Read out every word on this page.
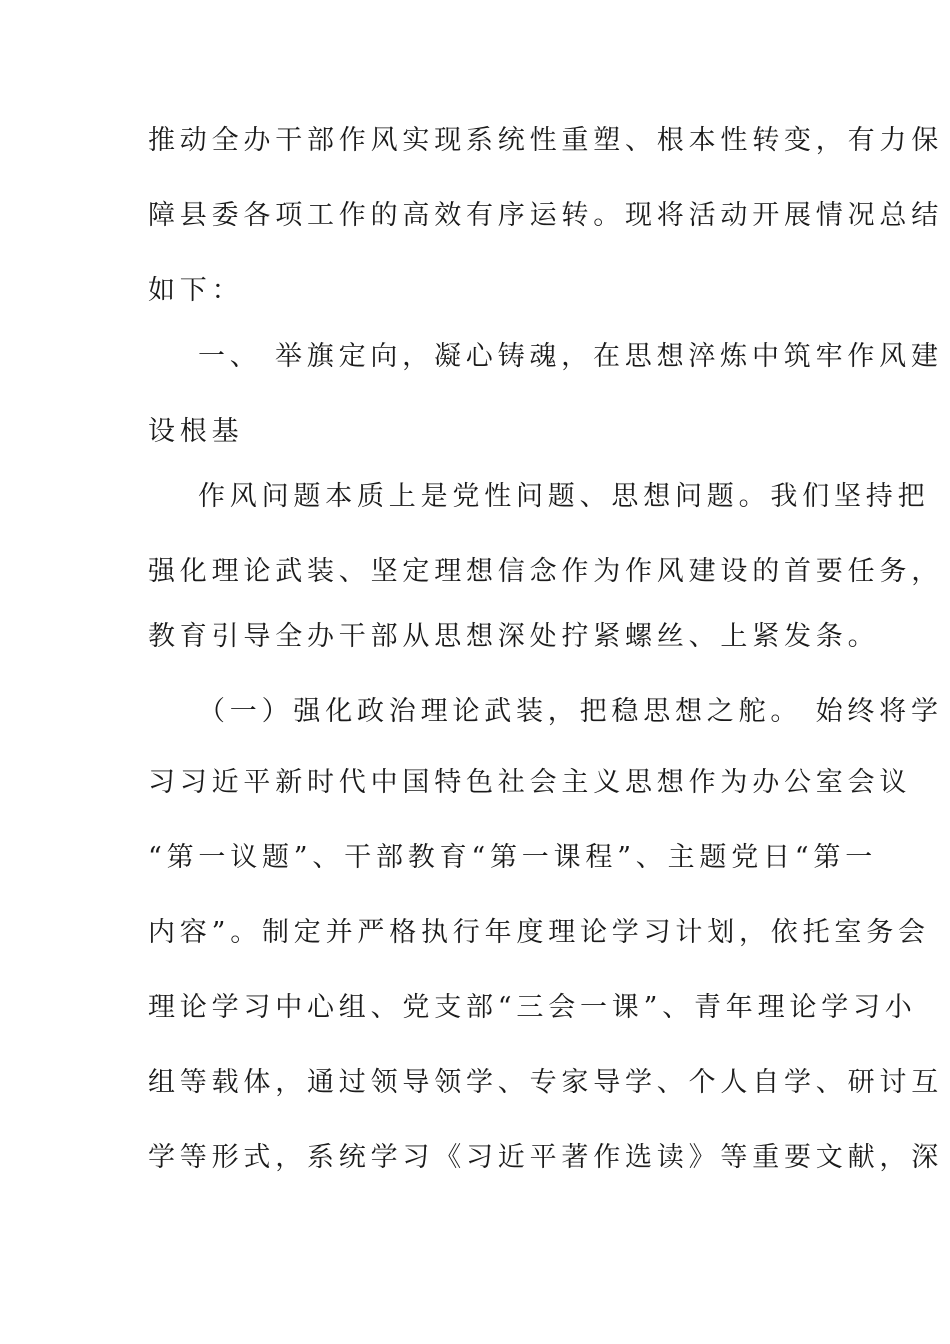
推动全办干部作风实现系统性重塑、根本性转变，有力保
障县委各项工作的高效有序运转。现将活动开展情况总结
如下：
一、 举旗定向，凝心铸魂，在思想淬炼中筑牢作风建
设根基
作风问题本质上是党性问题、思想问题。我们坚持把
强化理论武装、坚定理想信念作为作风建设的首要任务，
教育引导全办干部从思想深处拧紧螺丝、上紧发条。
（一）强化政治理论武装，把稳思想之舵。 始终将学
习习近平新时代中国特色社会主义思想作为办公室会议
“第一议题”、干部教育“第一课程”、主题党日“第一
内容”。制定并严格执行年度理论学习计划，依托室务会
理论学习中心组、党支部“三会一课”、青年理论学习小
组等载体，通过领导领学、专家导学、个人自学、研讨互
学等形式，系统学习《习近平著作选读》等重要文献，深
